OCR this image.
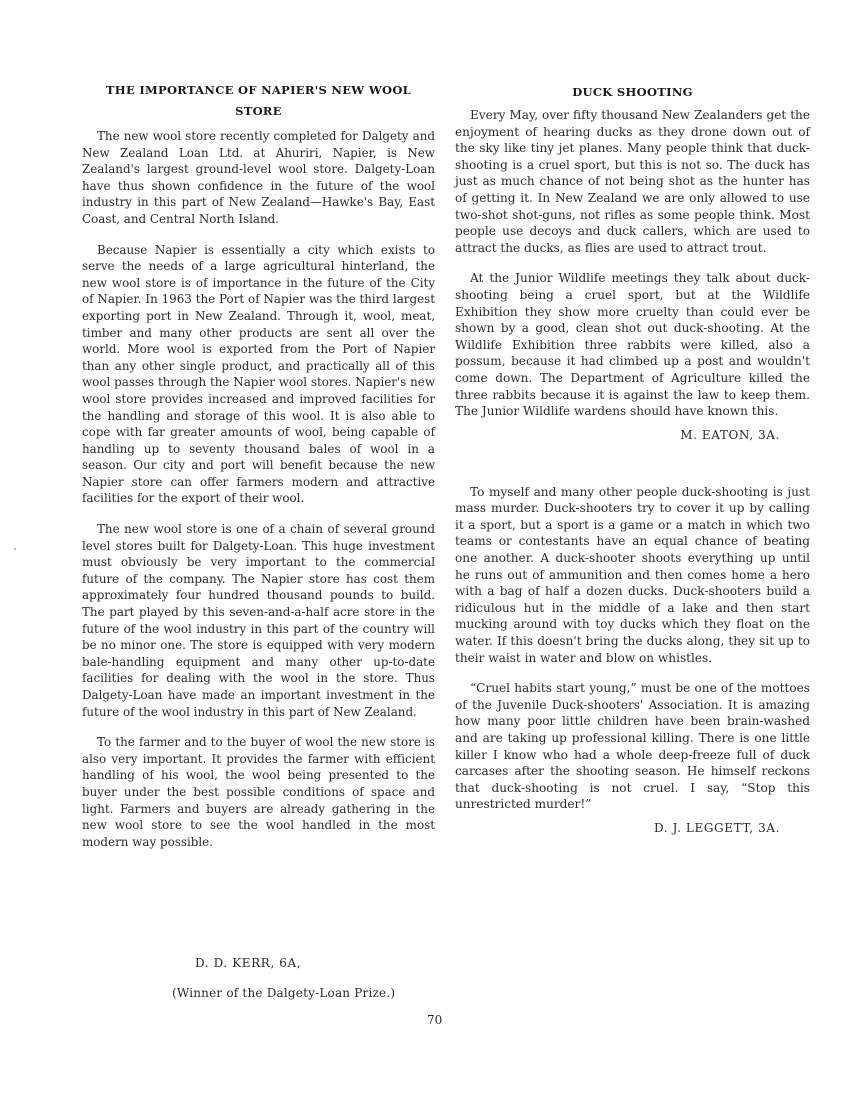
THE IMPORTANCE OF NAPIER'S NEW WOOL STORE

The new wool store recently completed for Dalgety and New Zealand Loan Ltd. at Ahuriri, Napier, is New Zealand's largest ground-level wool store. Dalgety-Loan have thus shown confidence in the future of the wool industry in this part of New Zealand—Hawke's Bay, East Coast, and Central North Island.

Because Napier is essentially a city which exists to serve the needs of a large agricultural hinterland, the new wool store is of importance in the future of the City of Napier. In 1963 the Port of Napier was the third largest exporting port in New Zealand. Through it, wool, meat, timber and many other products are sent all over the world. More wool is exported from the Port of Napier than any other single product, and practically all of this wool passes through the Napier wool stores. Napier's new wool store provides increased and improved facilities for the handling and storage of this wool. It is also able to cope with far greater amounts of wool, being capable of handling up to seventy thousand bales of wool in a season. Our city and port will benefit because the new Napier store can offer farmers modern and attractive facilities for the export of their wool.

The new wool store is one of a chain of several ground level stores built for Dalgety-Loan. This huge investment must obviously be very important to the commercial future of the company. The Napier store has cost them approximately four hundred thousand pounds to build. The part played by this seven-and-a-half acre store in the future of the wool industry in this part of the country will be no minor one. The store is equipped with very modern bale-handling equipment and many other up-to-date facilities for dealing with the wool in the store. Thus Dalgety-Loan have made an important investment in the future of the wool industry in this part of New Zealand.

To the farmer and to the buyer of wool the new store is also very important. It provides the farmer with efficient handling of his wool, the wool being presented to the buyer under the best possible conditions of space and light. Farmers and buyers are already gathering in the new wool store to see the wool handled in the most modern way possible.

DUCK SHOOTING

Every May, over fifty thousand New Zealanders get the enjoyment of hearing ducks as they drone down out of the sky like tiny jet planes. Many people think that duck-shooting is a cruel sport, but this is not so. The duck has just as much chance of not being shot as the hunter has of getting it. In New Zealand we are only allowed to use two-shot shot-guns, not rifles as some people think. Most people use decoys and duck callers, which are used to attract the ducks, as flies are used to attract trout.

At the Junior Wildlife meetings they talk about duck-shooting being a cruel sport, but at the Wildlife Exhibition they show more cruelty than could ever be shown by a good, clean shot out duck-shooting. At the Wildlife Exhibition three rabbits were killed, also a possum, because it had climbed up a post and wouldn't come down. The Department of Agriculture killed the three rabbits because it is against the law to keep them. The Junior Wildlife wardens should have known this.

M. EATON, 3A.

To myself and many other people duck-shooting is just mass murder. Duck-shooters try to cover it up by calling it a sport, but a sport is a game or a match in which two teams or contestants have an equal chance of beating one another. A duck-shooter shoots everything up until he runs out of ammunition and then comes home a hero with a bag of half a dozen ducks. Duck-shooters build a ridiculous hut in the middle of a lake and then start mucking around with toy ducks which they float on the water. If this doesn't bring the ducks along, they sit up to their waist in water and blow on whistles.

“Cruel habits start young,” must be one of the mottoes of the Juvenile Duck-shooters' Association. It is amazing how many poor little children have been brain-washed and are taking up professional killing. There is one little killer I know who had a whole deep-freeze full of duck carcases after the shooting season. He himself reckons that duck-shooting is not cruel. I say, “Stop this unrestricted murder!”

D. J. LEGGETT, 3A.

D. D. KERR, 6A,
(Winner of the Dalgety-Loan Prize.)
70
